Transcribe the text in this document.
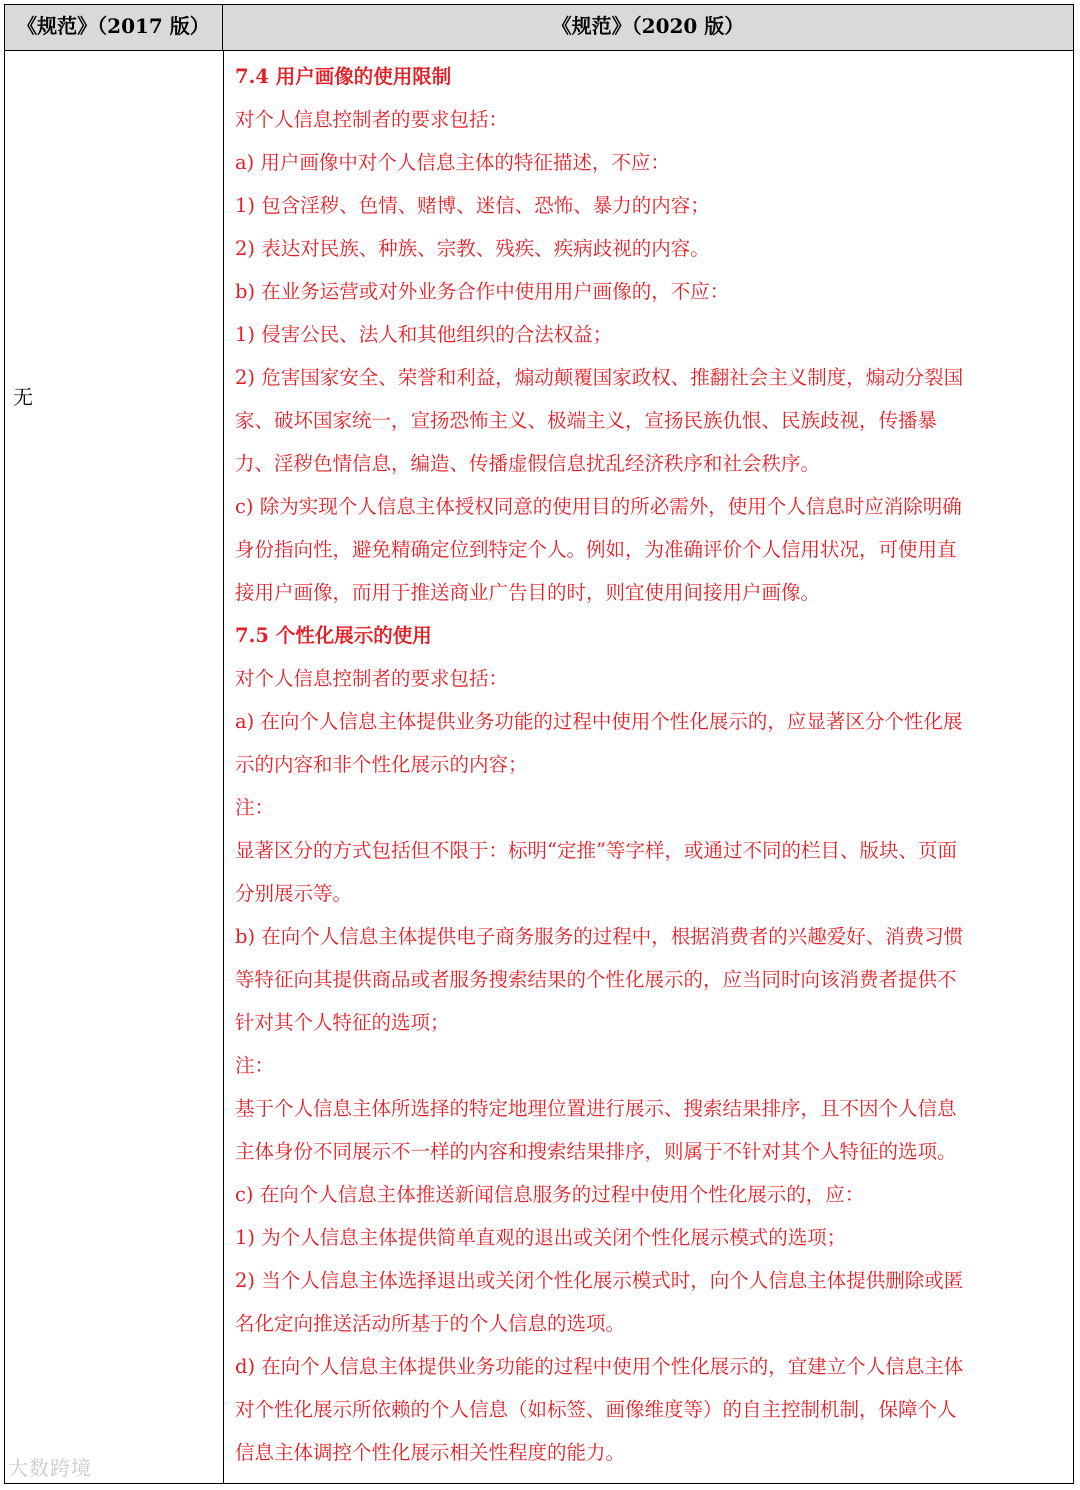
《规范》（2017 版）	《规范》（2020 版）
无

7.4 用户画像的使用限制

对个人信息控制者的要求包括：

a) 用户画像中对个人信息主体的特征描述，不应：

1) 包含淫秽、色情、赌博、迷信、恐怖、暴力的内容；

2) 表达对民族、种族、宗教、残疾、疾病歧视的内容。

b) 在业务运营或对外业务合作中使用用户画像的，不应：

1) 侵害公民、法人和其他组织的合法权益；

2) 危害国家安全、荣誉和利益，煽动颠覆国家政权、推翻社会主义制度，煽动分裂国

家、破坏国家统一，宣扬恐怖主义、极端主义，宣扬民族仇恨、民族歧视，传播暴

力、淫秽色情信息，编造、传播虚假信息扰乱经济秩序和社会秩序。

c) 除为实现个人信息主体授权同意的使用目的所必需外，使用个人信息时应消除明确

身份指向性，避免精确定位到特定个人。例如，为准确评价个人信用状况，可使用直

接用户画像，而用于推送商业广告目的时，则宜使用间接用户画像。

7.5 个性化展示的使用

对个人信息控制者的要求包括：

a) 在向个人信息主体提供业务功能的过程中使用个性化展示的，应显著区分个性化展

示的内容和非个性化展示的内容；

注：

显著区分的方式包括但不限于：标明“定推”等字样，或通过不同的栏目、版块、页面

分别展示等。

b) 在向个人信息主体提供电子商务服务的过程中，根据消费者的兴趣爱好、消费习惯

等特征向其提供商品或者服务搜索结果的个性化展示的，应当同时向该消费者提供不

针对其个人特征的选项；

注：

基于个人信息主体所选择的特定地理位置进行展示、搜索结果排序，且不因个人信息

主体身份不同展示不一样的内容和搜索结果排序，则属于不针对其个人特征的选项。

c) 在向个人信息主体推送新闻信息服务的过程中使用个性化展示的，应：

1) 为个人信息主体提供简单直观的退出或关闭个性化展示模式的选项；

2) 当个人信息主体选择退出或关闭个性化展示模式时，向个人信息主体提供删除或匿

名化定向推送活动所基于的个人信息的选项。

d) 在向个人信息主体提供业务功能的过程中使用个性化展示的，宜建立个人信息主体

对个性化展示所依赖的个人信息（如标签、画像维度等）的自主控制机制，保障个人

信息主体调控个性化展示相关性程度的能力。

大数跨境
